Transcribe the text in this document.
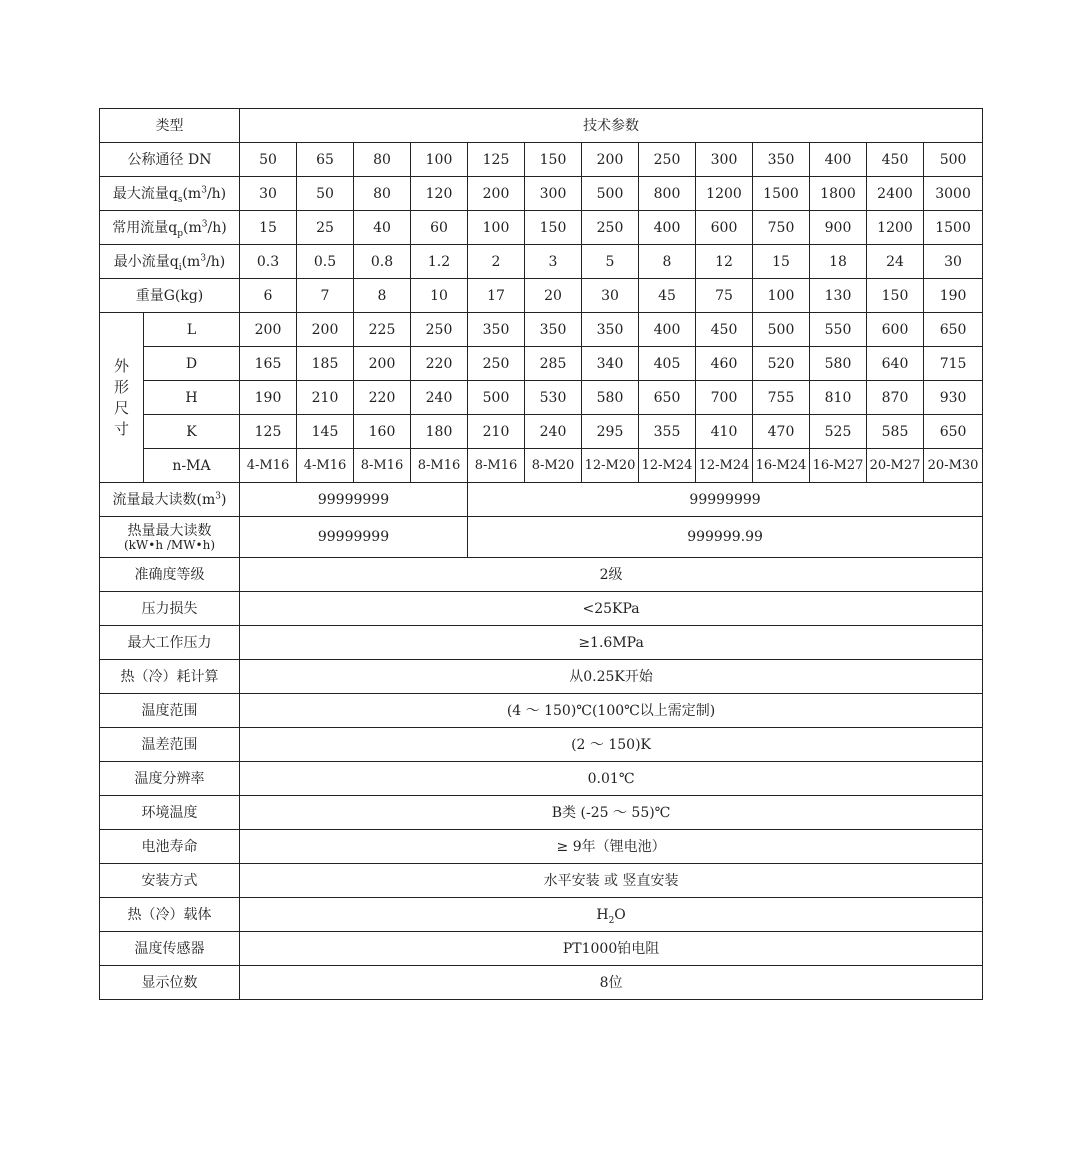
类型		技术参数												
公称通径 DN		50	65	80	100	125	150	200	250	300	350	400	450	500
最大流量$q_s(m^3/h)$		30	50	80	120	200	300	500	800	1200	1500	1800	2400	3000
常用流量$q_p(m^3/h)$		15	25	40	60	100	150	250	400	600	750	900	1200	1500
最小流量$q_i(m^3/h)$		0.3	0.5	0.8	1.2	2	3	5	8	12	15	18	24	30
重量G(kg)		6	7	8	10	17	20	30	45	75	100	130	150	190

外
形
尺
寸	L	200	200	225	250	350	350	350	400	450	500	550	600	650
	D	165	185	200	220	250	285	340	405	460	520	580	640	715
	H	190	210	220	240	500	530	580	650	700	755	810	870	930
	K	125	145	160	180	210	240	295	355	410	470	525	585	650
	n-MA	4-M16	4-M16	8-M16	8-M16	8-M16	8-M20	12-M20	12-M24	12-M24	16-M24	16-M27	20-M27	20-M30
流量最大读数$(m^3)$		99999999				99999999								

热量最大读数
(kW•h /MW•h)		99999999				999999.99								
准确度等级		2级												
压力损失		<25KPa												
最大工作压力		≥1.6MPa												
热（冷）耗计算		从0.25K开始												
温度范围		(4 ～ 150)℃(100℃以上需定制)												
温差范围		(2 ～ 150)K												
温度分辨率		0.01℃												
环境温度		B类 (-25 ～ 55)℃												
电池寿命		≥ 9年（锂电池）												
安装方式		水平安装 或 竖直安装												
热（冷）载体		$H_2O$												
温度传感器		PT1000铂电阻												
显示位数		8位												
